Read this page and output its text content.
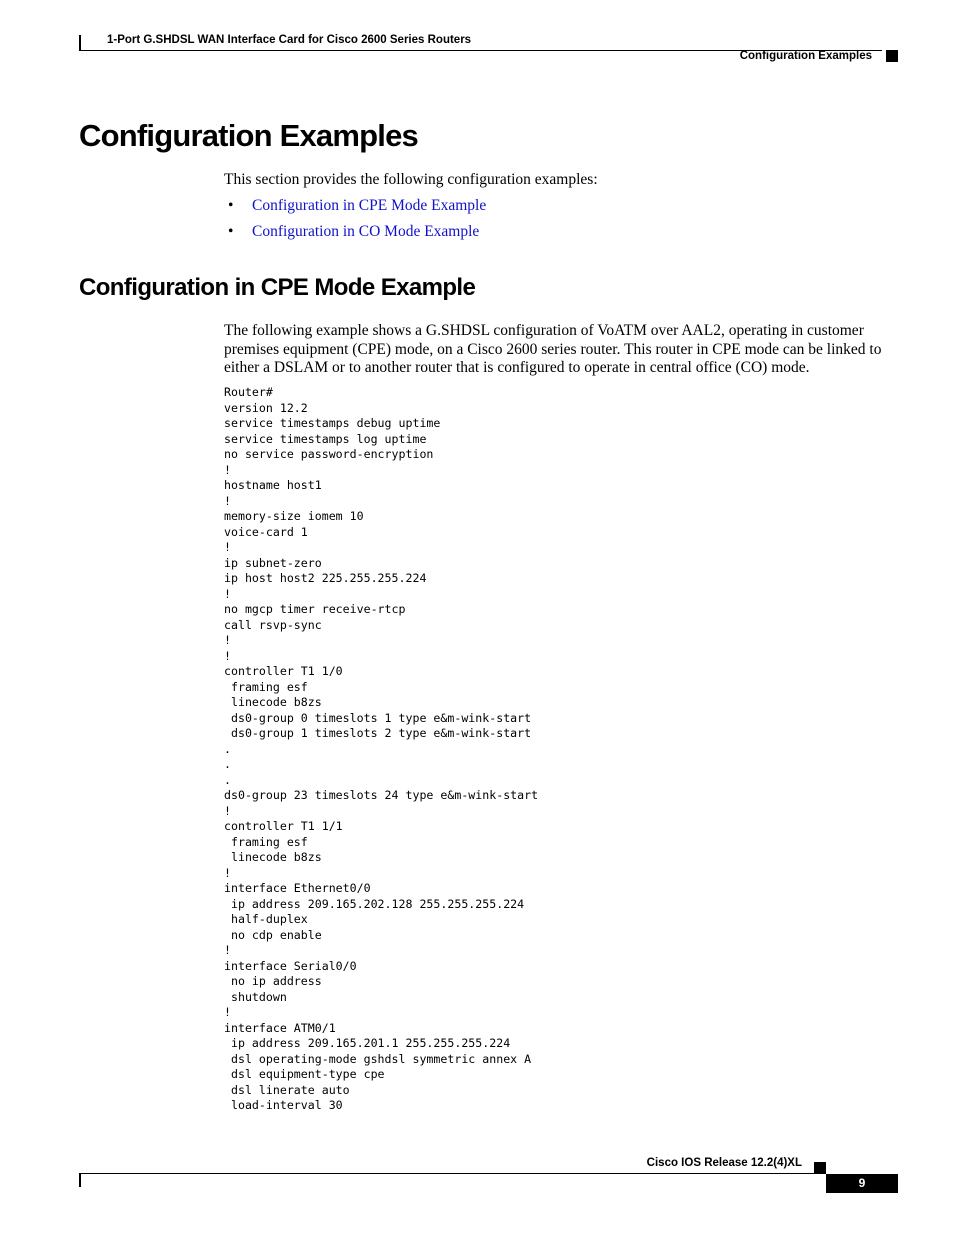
1-Port G.SHDSL WAN Interface Card for Cisco 2600 Series Routers
Configuration Examples
Configuration Examples
This section provides the following configuration examples:
• Configuration in CPE Mode Example
• Configuration in CO Mode Example
Configuration in CPE Mode Example
The following example shows a G.SHDSL configuration of VoATM over AAL2, operating in customer premises equipment (CPE) mode, on a Cisco 2600 series router. This router in CPE mode can be linked to either a DSLAM or to another router that is configured to operate in central office (CO) mode.
Router#
version 12.2
service timestamps debug uptime
service timestamps log uptime
no service password-encryption
!
hostname host1
!
memory-size iomem 10
voice-card 1
!
ip subnet-zero
ip host host2 225.255.255.224
!
no mgcp timer receive-rtcp
call rsvp-sync
!
!
controller T1 1/0
framing esf
linecode b8zs
ds0-group 0 timeslots 1 type e&m-wink-start
ds0-group 1 timeslots 2 type e&m-wink-start
.
.
.
ds0-group 23 timeslots 24 type e&m-wink-start
!
controller T1 1/1
framing esf
linecode b8zs
!
interface Ethernet0/0
ip address 209.165.202.128 255.255.255.224
half-duplex
no cdp enable
!
interface Serial0/0
no ip address
shutdown
!
interface ATM0/1
ip address 209.165.201.1 255.255.255.224
dsl operating-mode gshdsl symmetric annex A
dsl equipment-type cpe
dsl linerate auto
load-interval 30
Cisco IOS Release 12.2(4)XL
9
